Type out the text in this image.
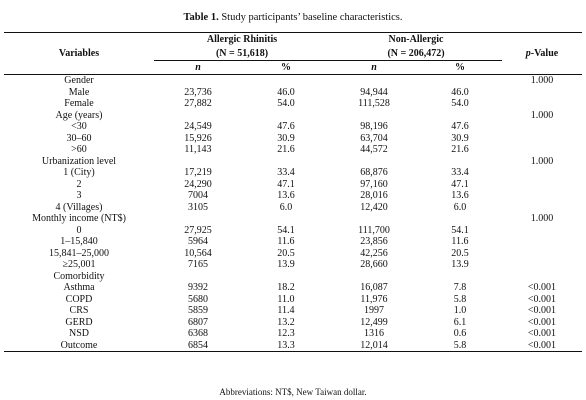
Table 1. Study participants’ baseline characteristics.

Variables	Allergic Rhinitis		Non-Allergic		p-Value
	(N = 51,618)		(N = 206,472)		
	n	%	n	%	

Gender					1.000
Male	23,736	46.0	94,944	46.0	
Female	27,882	54.0	111,528	54.0	
Age (years)					1.000
<30	24,549	47.6	98,196	47.6	
30–60	15,926	30.9	63,704	30.9	
>60	11,143	21.6	44,572	21.6	
Urbanization level					1.000
1 (City)	17,219	33.4	68,876	33.4	
2	24,290	47.1	97,160	47.1	
3	7004	13.6	28,016	13.6	
4 (Villages)	3105	6.0	12,420	6.0	
Monthly income (NT$)					1.000
0	27,925	54.1	111,700	54.1	
1–15,840	5964	11.6	23,856	11.6	
15,841–25,000	10,564	20.5	42,256	20.5	
≥25,001	7165	13.9	28,660	13.9	
Comorbidity					
Asthma	9392	18.2	16,087	7.8	<0.001
COPD	5680	11.0	11,976	5.8	<0.001
CRS	5859	11.4	1997	1.0	<0.001
GERD	6807	13.2	12,499	6.1	<0.001
NSD	6368	12.3	1316	0.6	<0.001
Outcome	6854	13.3	12,014	5.8	<0.001

Abbreviations: NT$, New Taiwan dollar.
